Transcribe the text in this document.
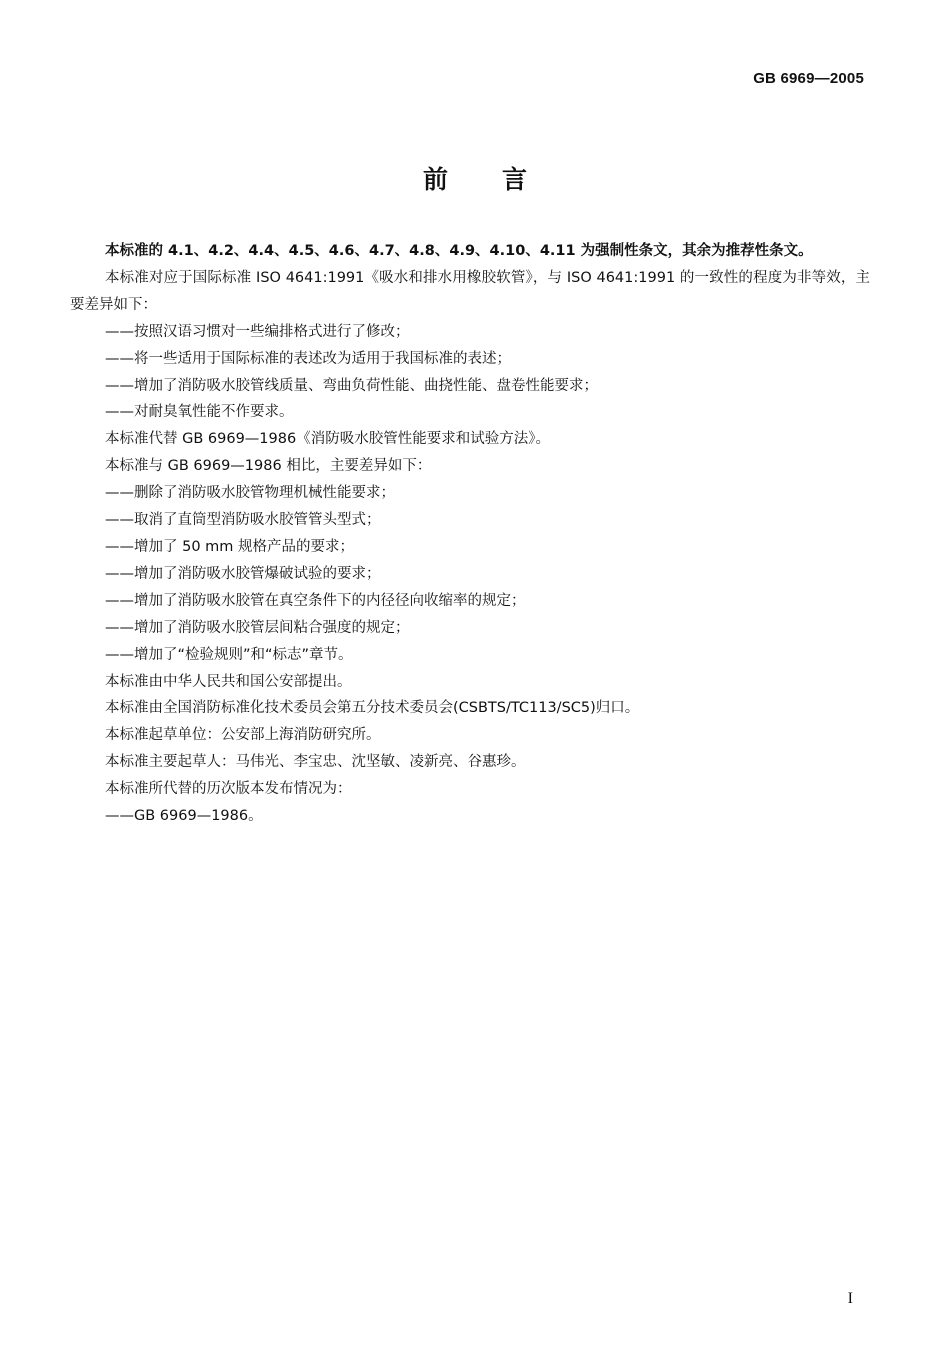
GB 6969—2005
前言

本标准的 4.1、4.2、4.4、4.5、4.6、4.7、4.8、4.9、4.10、4.11 为强制性条文，其余为推荐性条文。

本标准对应于国际标准 ISO 4641:1991《吸水和排水用橡胶软管》，与 ISO 4641:1991 的一致性的程度为非等效，主要差异如下：

——按照汉语习惯对一些编排格式进行了修改；

——将一些适用于国际标准的表述改为适用于我国标准的表述；

——增加了消防吸水胶管线质量、弯曲负荷性能、曲挠性能、盘卷性能要求；

——对耐臭氧性能不作要求。

本标准代替 GB 6969—1986《消防吸水胶管性能要求和试验方法》。

本标准与 GB 6969—1986 相比，主要差异如下：

——删除了消防吸水胶管物理机械性能要求；

——取消了直筒型消防吸水胶管管头型式；

——增加了 50 mm 规格产品的要求；

——增加了消防吸水胶管爆破试验的要求；

——增加了消防吸水胶管在真空条件下的内径径向收缩率的规定；

——增加了消防吸水胶管层间粘合强度的规定；

——增加了“检验规则”和“标志”章节。

本标准由中华人民共和国公安部提出。

本标准由全国消防标准化技术委员会第五分技术委员会(CSBTS/TC113/SC5)归口。

本标准起草单位：公安部上海消防研究所。

本标准主要起草人：马伟光、李宝忠、沈坚敏、凌新亮、谷惠珍。

本标准所代替的历次版本发布情况为：

——GB 6969—1986。

I
